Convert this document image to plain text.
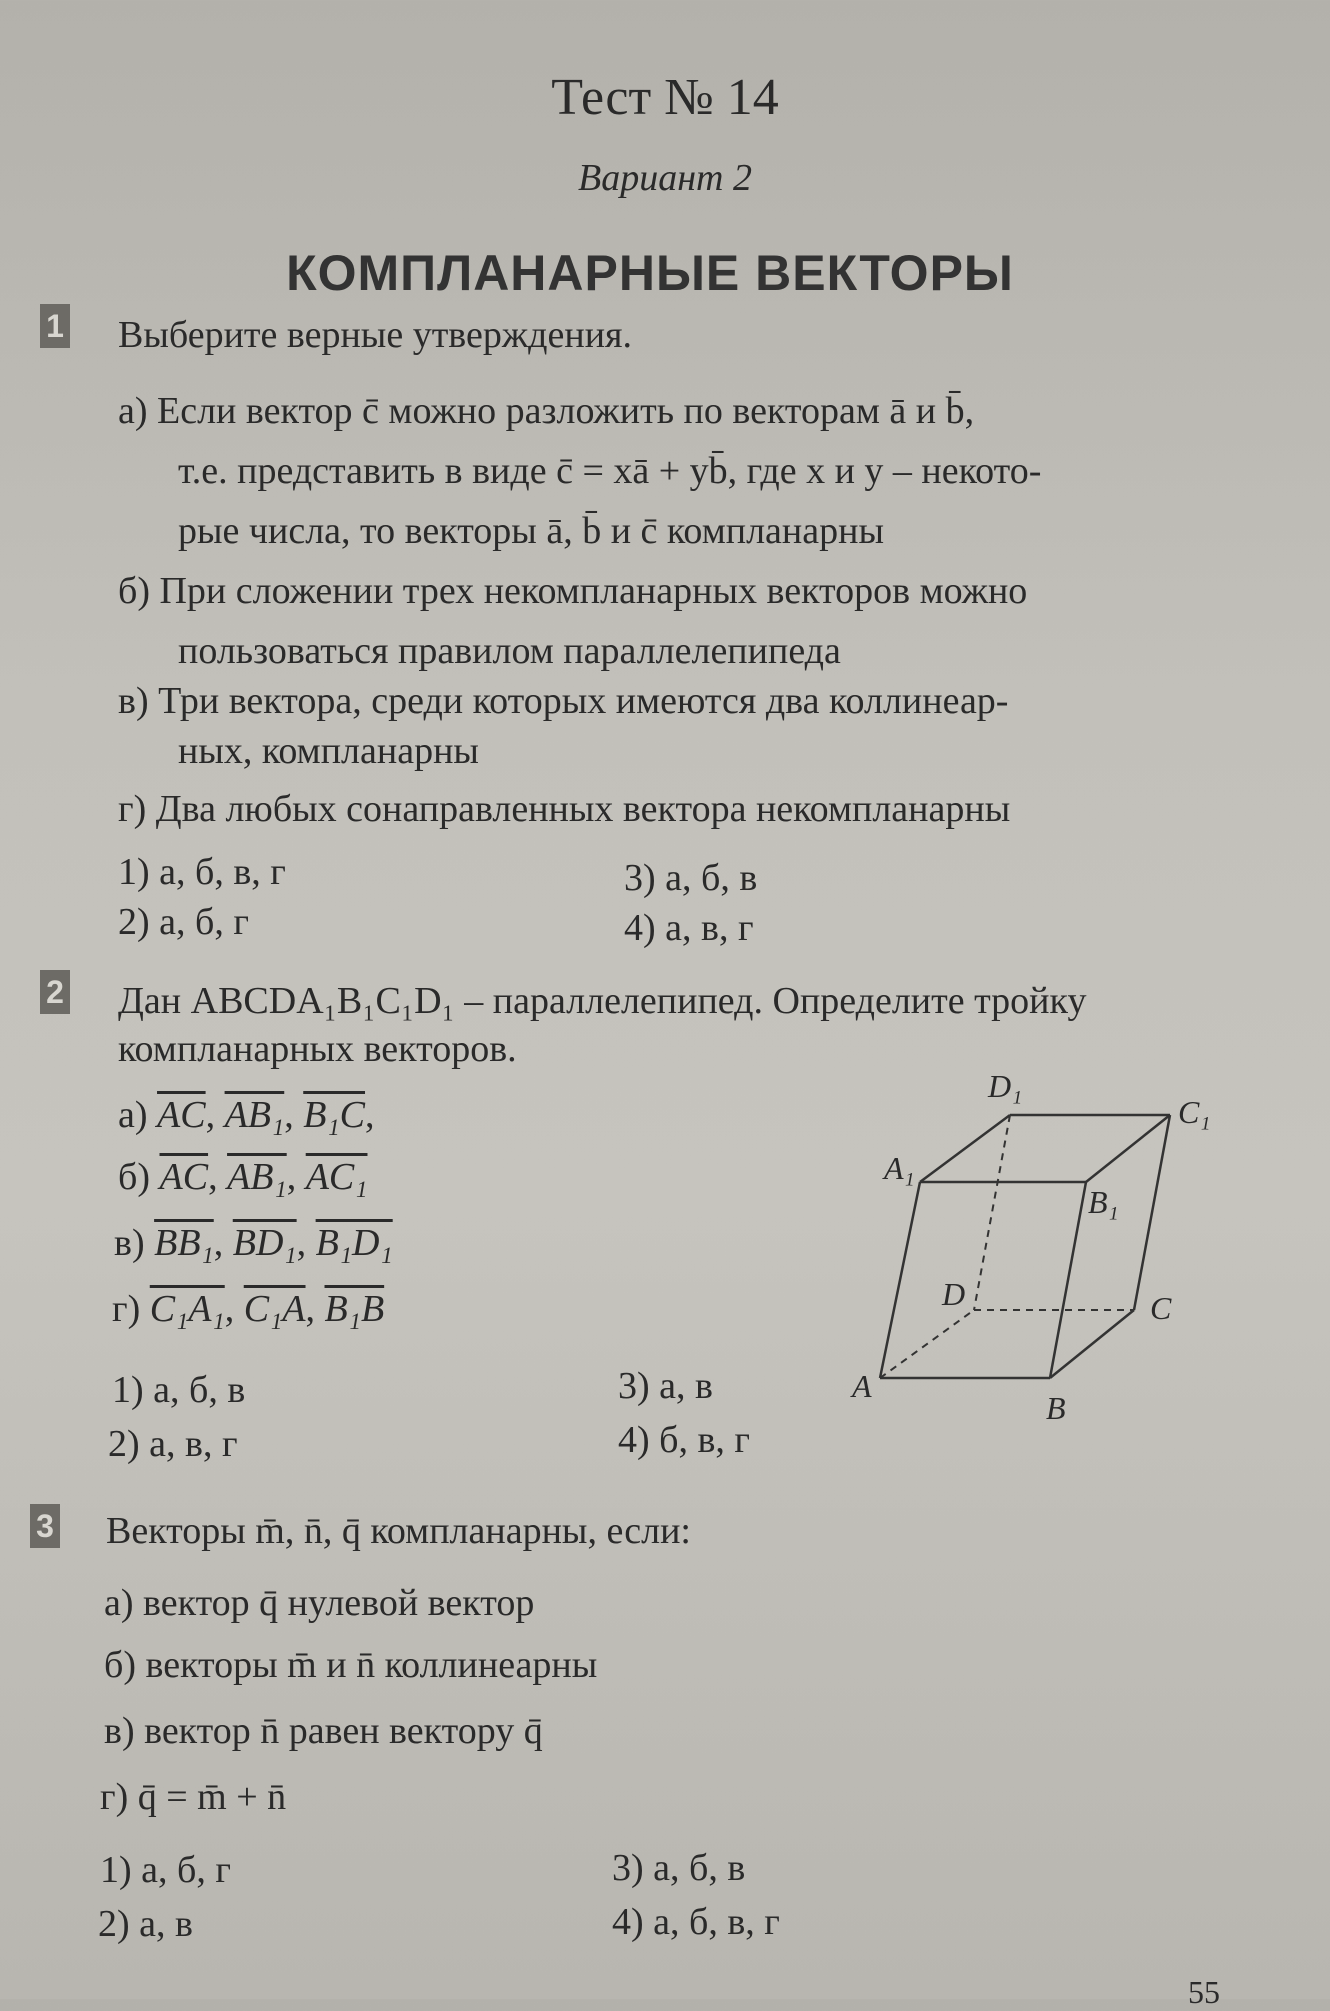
Тест № 14
Вариант 2
КОМПЛАНАРНЫЕ ВЕКТОРЫ
1 Выберите верные утверждения.
а) Если вектор c̄ можно разложить по векторам ā и b̄,
т.е. представить в виде c̄ = xā + yb̄, где x и y – некото-
рые числа, то векторы ā, b̄ и c̄ компланарны
б) При сложении трех некомпланарных векторов можно
пользоваться правилом параллелепипеда
в) Три вектора, среди которых имеются два коллинеар-
ных, компланарны
г) Два любых сонаправленных вектора некомпланарны
1) а, б, в, г
2) а, б, г
3) а, б, в
4) а, в, г
2 Дан ABCDA₁B₁C₁D₁ – параллелепипед. Определите тройку
компланарных векторов.
а) $\overline{AC}$, AB₁, B₁C,
б) $\overline{AC}$, AB₁, AC₁
в) BB₁, BD₁, B₁D₁
г) C₁A₁, C₁A, B₁B
1) а, б, в
2) а, в, г
3) а, в
4) б, в, г
D₁
C₁
A₁
B₁
D	C
A
B
3 Векторы m̄, n̄, q̄ компланарны, если:
а) вектор q̄ нулевой вектор
б) векторы m̄ и n̄ коллинеарны
в) вектор n̄ равен вектору q̄
г) q̄ = m̄ + n̄
1) а, б, г
2) а, в
3) а, б, в
4) а, б, в, г
55
